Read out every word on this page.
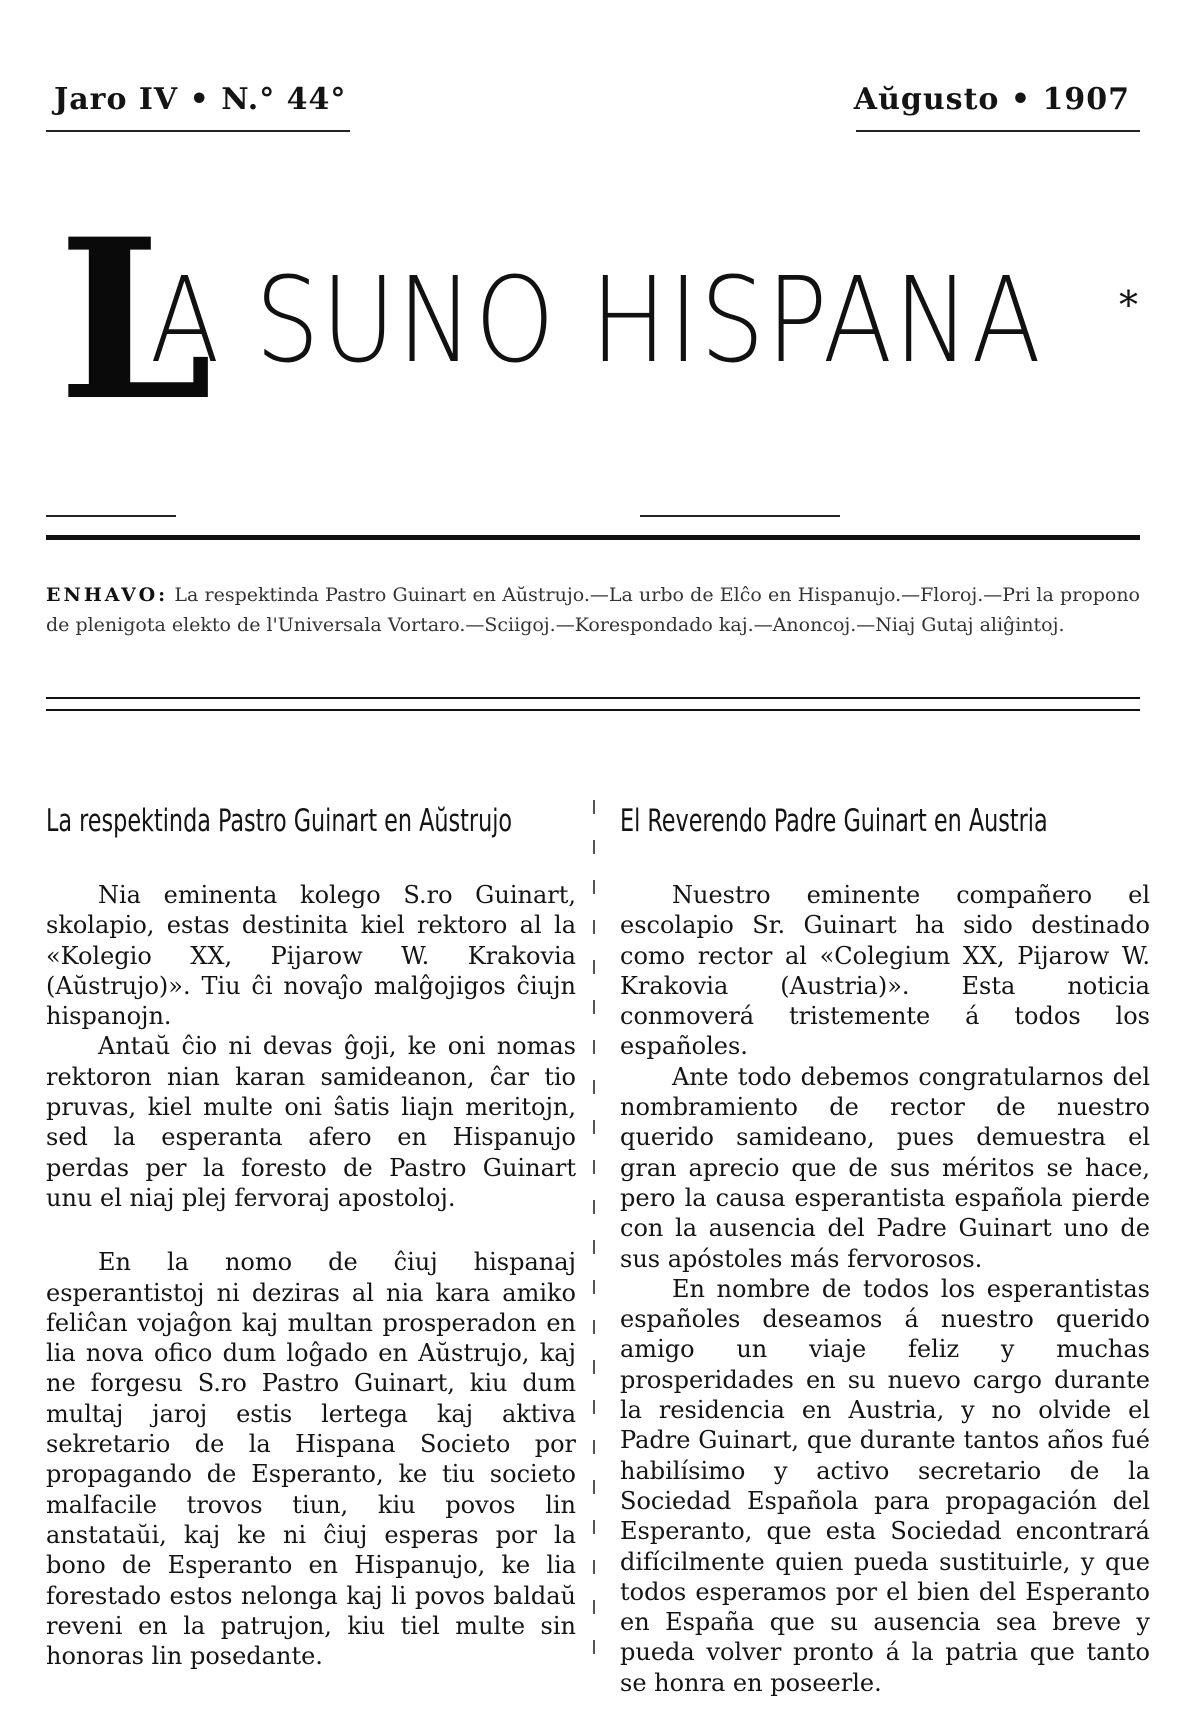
Jaro IV • N.° 44°	Aŭgusto • 1907
L
A SUNO HISPANA *
ENHAVO: La respektinda Pastro Guinart en Aŭstrujo.—La urbo de Elĉo en Hispanujo.—Floroj.—Pri la propono de plenigota elekto de l'Universala Vortaro.—Sciigoj.—Korespondado kaj.—Anoncoj.—Niaj Gutaj aliĝintoj.
La respektinda Pastro Guinart en Aŭstrujo	El Reverendo Padre Guinart en Austria

Nia eminenta kolego S.ro Guinart, skolapio, estas destinita kiel rektoro al la «Kolegio XX, Pijarow W. Krakovia (Aŭstrujo)». Tiu ĉi novaĵo malĝojigos ĉiujn hispanojn.

Antaŭ ĉio ni devas ĝoji, ke oni nomas rektoron nian karan samideanon, ĉar tio pruvas, kiel multe oni ŝatis liajn meritojn, sed la esperanta afero en Hispanujo perdas per la foresto de Pastro Guinart unu el niaj plej fervoraj apostoloj.

En la nomo de ĉiuj hispanaj esperantistoj ni deziras al nia kara amiko feliĉan vojaĝon kaj multan prosperadon en lia nova ofico dum loĝado en Aŭstrujo, kaj ne forgesu S.ro Pastro Guinart, kiu dum multaj jaroj estis lertega kaj aktiva sekretario de la Hispana Societo por propagando de Esperanto, ke tiu societo malfacile trovos tiun, kiu povos lin anstataŭi, kaj ke ni ĉiuj esperas por la bono de Esperanto en Hispanujo, ke lia forestado estos nelonga kaj li povos baldaŭ reveni en la patrujon, kiu tiel multe sin honoras lin posedante.

Nuestro eminente compañero el escolapio Sr. Guinart ha sido destinado como rector al «Colegium XX, Pijarow W. Krakovia (Austria)». Esta noticia conmoverá tristemente á todos los españoles.

Ante todo debemos congratularnos del nombramiento de rector de nuestro querido samideano, pues demuestra el gran aprecio que de sus méritos se hace, pero la causa esperantista española pierde con la ausencia del Padre Guinart uno de sus apóstoles más fervorosos.

En nombre de todos los esperantistas españoles deseamos á nuestro querido amigo un viaje feliz y muchas prosperidades en su nuevo cargo durante la residencia en Austria, y no olvide el Padre Guinart, que durante tantos años fué habilísimo y activo secretario de la Sociedad Española para propagación del Esperanto, que esta Sociedad encontrará difícilmente quien pueda sustituirle, y que todos esperamos por el bien del Esperanto en España que su ausencia sea breve y pueda volver pronto á la patria que tanto se honra en poseerle.
